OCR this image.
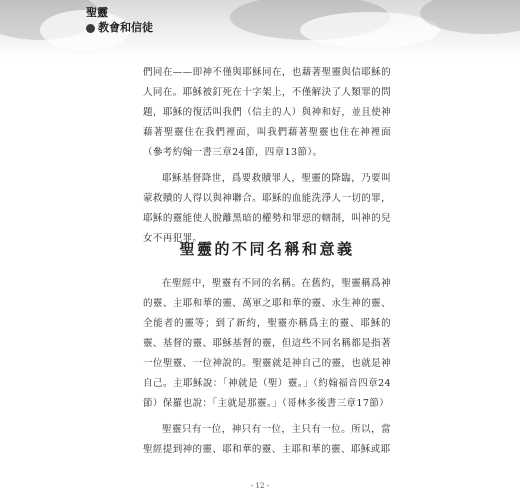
聖靈
教會和信徒

們同在——即神不僅與耶穌同在，也藉著聖靈與信耶穌的人同在。耶穌被釘死在十字架上，不僅解決了人類罪的問題，耶穌的復活叫我們（信主的人）與神和好，並且使神藉著聖靈住在我們裡面，叫我們藉著聖靈也住在神裡面（參考約翰一書三章24節，四章13節）。

耶穌基督降世，爲要救贖罪人，聖靈的降臨，乃要叫蒙救贖的人得以與神聯合。耶穌的血能洗淨人一切的罪，耶穌的靈能使人脫離黑暗的權勢和罪惡的轄制，叫神的兒女不再犯罪。

聖靈的不同名稱和意義

在聖經中，聖靈有不同的名稱。在舊約，聖靈稱爲神的靈、主耶和華的靈、萬軍之耶和華的靈、永生神的靈、全能者的靈等；到了新約，聖靈亦稱爲主的靈、耶穌的靈、基督的靈、耶穌基督的靈，但這些不同名稱都是指著一位聖靈、一位神說的。聖靈就是神自己的靈，也就是神自己。主耶穌說：「神就是（聖）靈。」（約翰福音四章24節）保羅也說：「主就是那靈。」（哥林多後書三章17節）

聖靈只有一位，神只有一位，主只有一位。所以，當聖經提到神的靈、耶和華的靈、主耶和華的靈、耶穌或耶

- 12 -
